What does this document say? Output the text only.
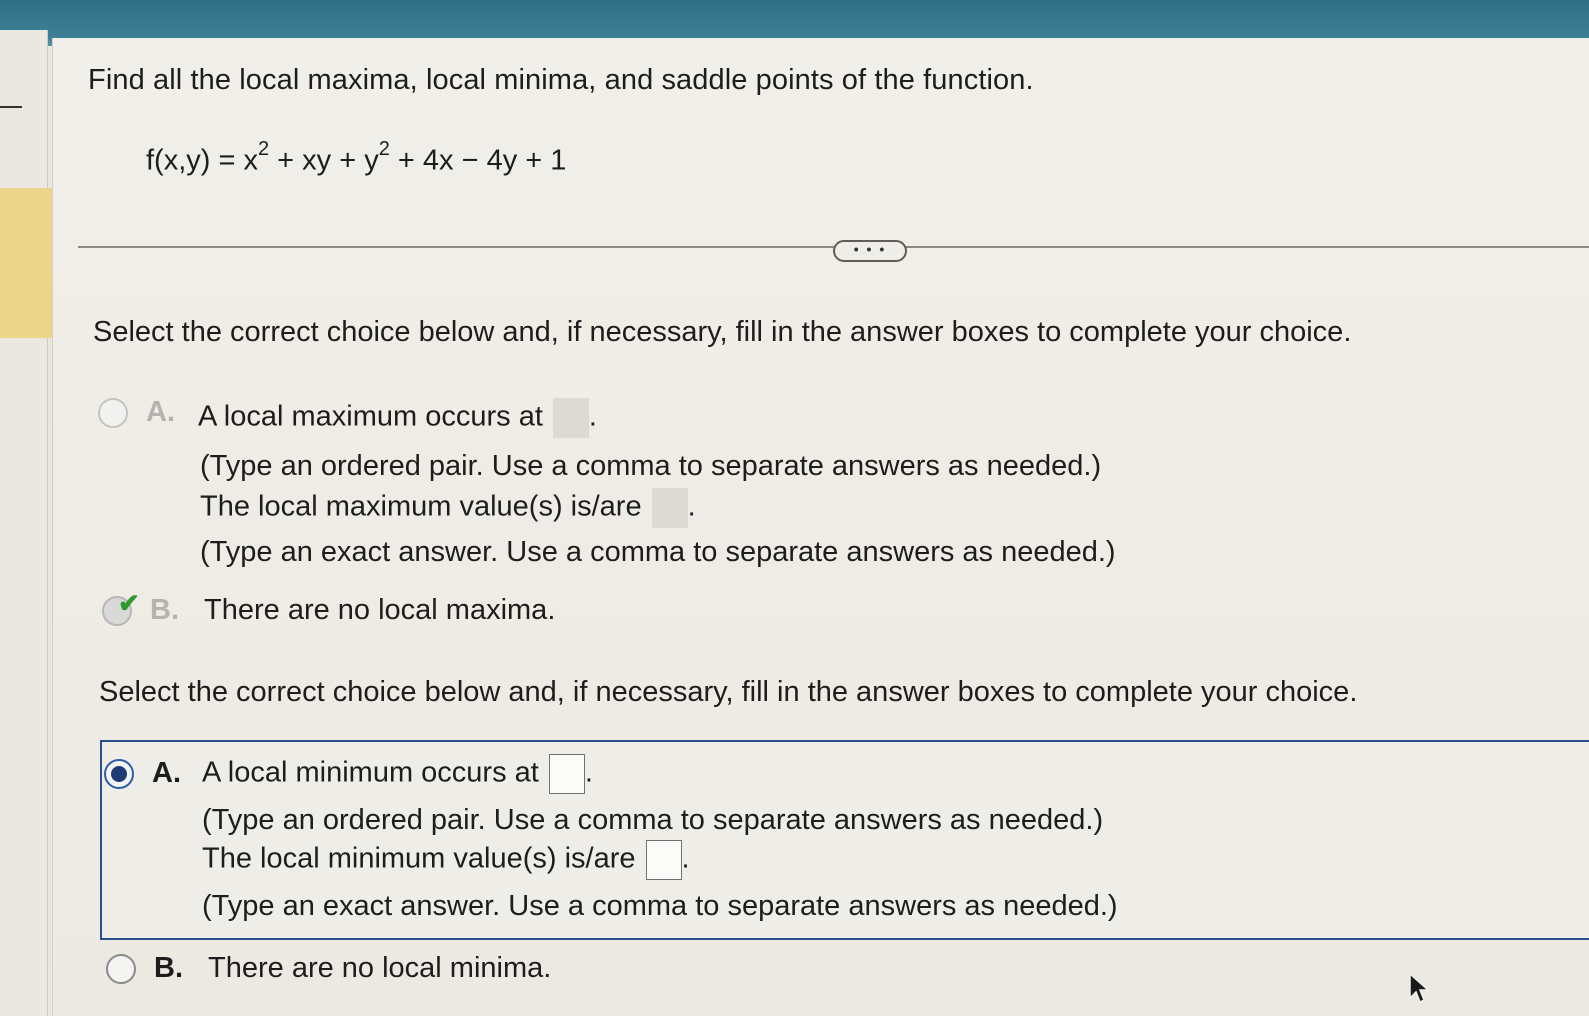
Find all the local maxima, local minima, and saddle points of the function.
$f(x,y) = x^2$ + xy + $y^2 + 4x - 4y + 1$
• • •
Select the correct choice below and, if necessary, fill in the answer boxes to complete your choice.
A. A local maximum occurs at .
(Type an ordered pair. Use a comma to separate answers as needed.)
The local maximum value(s) is/are .
(Type an exact answer. Use a comma to separate answers as needed.)
✔ B. There are no local maxima.
Select the correct choice below and, if necessary, fill in the answer boxes to complete your choice.
A. A local minimum occurs at .
(Type an ordered pair. Use a comma to separate answers as needed.)
The local minimum value(s) is/are .
(Type an exact answer. Use a comma to separate answers as needed.)
B. There are no local minima.
